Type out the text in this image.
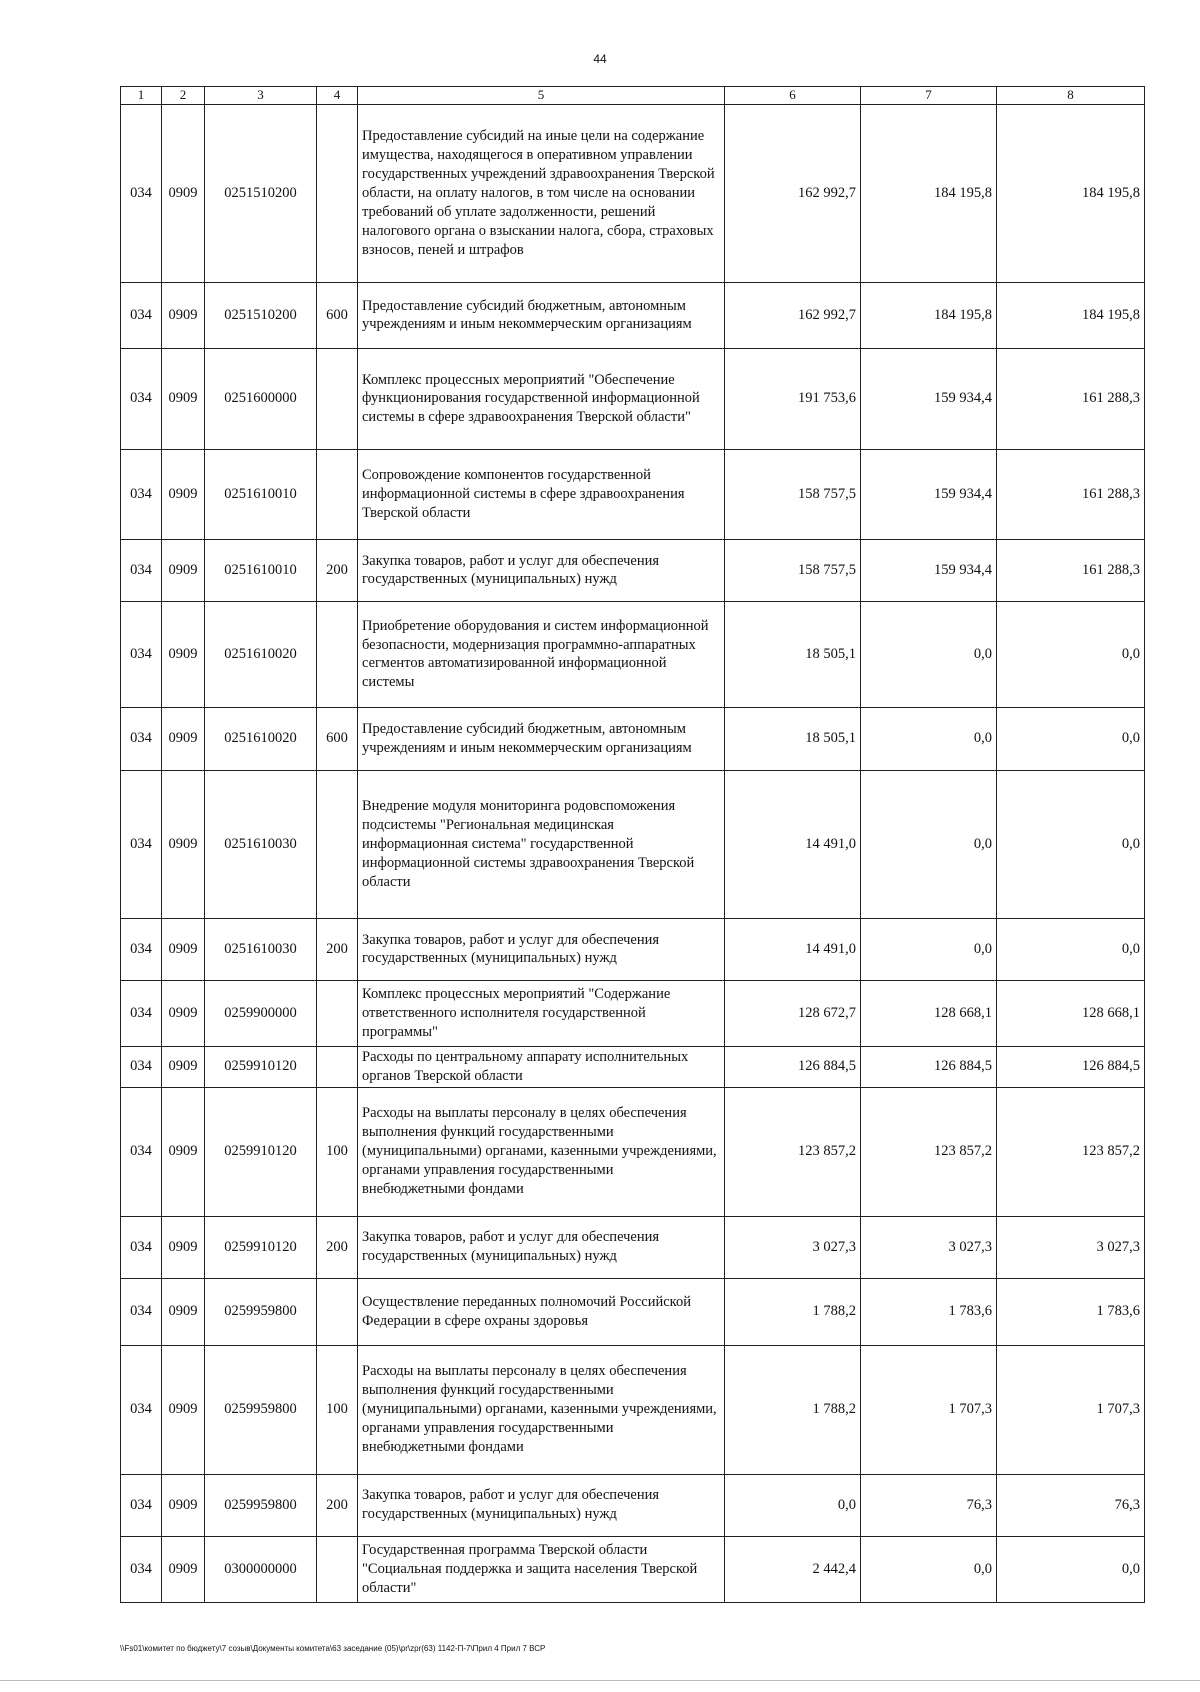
44
1	2	3	4	5	6	7	8
034	0909	0251510200		Предоставление субсидий на иные цели на содержание имущества, находящегося в оперативном управлении государственных учреждений здравоохранения Тверской области, на оплату налогов, в том числе на основании требований об уплате задолженности, решений налогового органа о взыскании налога, сбора, страховых взносов, пеней и штрафов	162 992,7	184 195,8	184 195,8
034	0909	0251510200	600	Предоставление субсидий бюджетным, автономным учреждениям и иным некоммерческим организациям	162 992,7	184 195,8	184 195,8
034	0909	0251600000		Комплекс процессных мероприятий "Обеспечение функционирования государственной информационной системы в сфере здравоохранения Тверской области"	191 753,6	159 934,4	161 288,3
034	0909	0251610010		Сопровождение компонентов государственной информационной системы в сфере здравоохранения Тверской области	158 757,5	159 934,4	161 288,3
034	0909	0251610010	200	Закупка товаров, работ и услуг для обеспечения государственных (муниципальных) нужд	158 757,5	159 934,4	161 288,3
034	0909	0251610020		Приобретение оборудования и систем информационной безопасности, модернизация программно-аппаратных сегментов автоматизированной информационной системы	18 505,1	0,0	0,0
034	0909	0251610020	600	Предоставление субсидий бюджетным, автономным учреждениям и иным некоммерческим организациям	18 505,1	0,0	0,0
034	0909	0251610030		Внедрение модуля мониторинга родовспоможения подсистемы "Региональная медицинская информационная система" государственной информационной системы здравоохранения Тверской области	14 491,0	0,0	0,0
034	0909	0251610030	200	Закупка товаров, работ и услуг для обеспечения государственных (муниципальных) нужд	14 491,0	0,0	0,0
034	0909	0259900000		Комплекс процессных мероприятий "Содержание ответственного исполнителя государственной программы"	128 672,7	128 668,1	128 668,1
034	0909	0259910120		Расходы по центральному аппарату исполнительных органов Тверской области	126 884,5	126 884,5	126 884,5
034	0909	0259910120	100	Расходы на выплаты персоналу в целях обеспечения выполнения функций государственными (муниципальными) органами, казенными учреждениями, органами управления государственными внебюджетными фондами	123 857,2	123 857,2	123 857,2
034	0909	0259910120	200	Закупка товаров, работ и услуг для обеспечения государственных (муниципальных) нужд	3 027,3	3 027,3	3 027,3
034	0909	0259959800		Осуществление переданных полномочий Российской Федерации в сфере охраны здоровья	1 788,2	1 783,6	1 783,6
034	0909	0259959800	100	Расходы на выплаты персоналу в целях обеспечения выполнения функций государственными (муниципальными) органами, казенными учреждениями, органами управления государственными внебюджетными фондами	1 788,2	1 707,3	1 707,3
034	0909	0259959800	200	Закупка товаров, работ и услуг для обеспечения государственных (муниципальных) нужд	0,0	76,3	76,3
034	0909	0300000000		Государственная программа Тверской области "Социальная поддержка и защита населения Тверской области"	2 442,4	0,0	0,0
\\Fs01\комитет по бюджету\7 созыв\Документы комитета\63 заседание (05)\pr\zpr(63) 1142-П-7\Прил 4 Прил 7 ВСР
